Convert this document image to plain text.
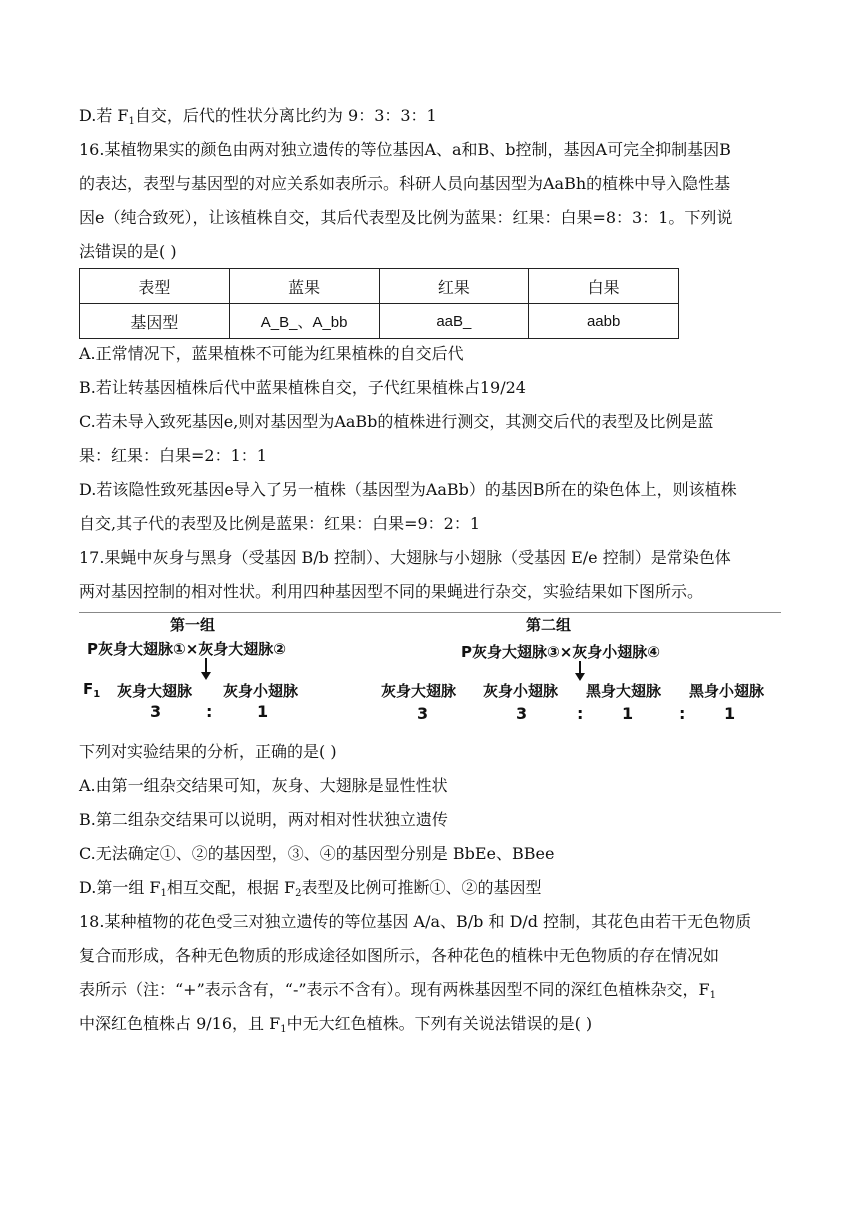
D.若 $F_1$自交，后代的性状分离比约为 9：3：3：1
16.某植物果实的颜色由两对独立遗传的等位基因A、a和B、b控制，基因A可完全抑制基因B
的表达，表型与基因型的对应关系如表所示。科研人员向基因型为AaBh的植株中导入隐性基
因e（纯合致死），让该植株自交，其后代表型及比例为蓝果：红果：白果=8：3：1。下列说
法错误的是( )
表型	蓝果	红果	白果
基因型	A_B_、A_bb	aaB_	aabb
A.正常情况下，蓝果植株不可能为红果植株的自交后代
B.若让转基因植株后代中蓝果植株自交，子代红果植株占19/24
C.若未导入致死基因e,则对基因型为AaBb的植株进行测交，其测交后代的表型及比例是蓝
果：红果：白果=2：1：1
D.若该隐性致死基因e导入了另一植株（基因型为AaBb）的基因B所在的染色体上，则该植株
自交,其子代的表型及比例是蓝果：红果：白果=9：2：1
17.果蝇中灰身与黑身（受基因 B/b 控制）、大翅脉与小翅脉（受基因 E/e 控制）是常染色体
两对基因控制的相对性状。利用四种基因型不同的果蝇进行杂交，实验结果如下图所示。
第一组
P灰身大翅脉①×灰身大翅脉②
$F_1$ 灰身大翅脉 灰身小翅脉
3	:	1
第二组
P灰身大翅脉③×灰身小翅脉④
灰身大翅脉 灰身小翅脉 黑身大翅脉 黑身小翅脉
3	3	: 1	: 1
下列对实验结果的分析，正确的是( )
A.由第一组杂交结果可知，灰身、大翅脉是显性性状
B.第二组杂交结果可以说明，两对相对性状独立遗传
C.无法确定①、②的基因型，③、④的基因型分别是 BbEe、BBee
D.第一组 $F_1$相互交配，根据 $F_2$表型及比例可推断①、②的基因型
18.某种植物的花色受三对独立遗传的等位基因 A/a、B/b 和 D/d 控制，其花色由若干无色物质
复合而形成，各种无色物质的形成途径如图所示，各种花色的植株中无色物质的存在情况如
表所示（注：“+”表示含有，“-”表示不含有）。现有两株基因型不同的深红色植株杂交，$F_1$
中深红色植株占 9/16，且 $F_1$中无大红色植株。下列有关说法错误的是( )
